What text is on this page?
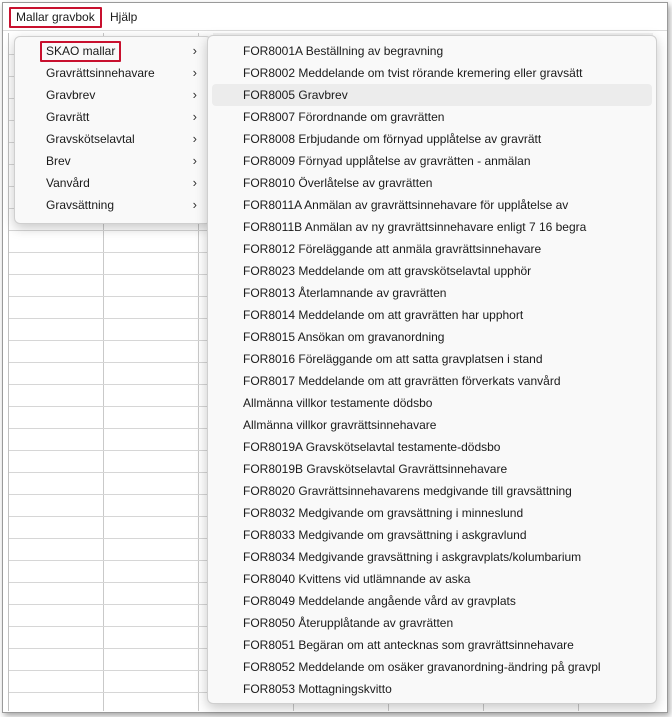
Mallar gravbok	Hjälp
SKAO mallar	›
Gravrättsinnehavare	›
Gravbrev	›
Gravrätt	›
Gravskötselavtal	›
Brev	›
Vanvård	›
Gravsättning	›
FOR8001A Beställning av begravning
FOR8002 Meddelande om tvist rörande kremering eller gravsätt
FOR8005 Gravbrev
FOR8007 Förordnande om gravrätten
FOR8008 Erbjudande om förnyad upplåtelse av gravrätt
FOR8009 Förnyad upplåtelse av gravrätten - anmälan
FOR8010 Överlåtelse av gravrätten
FOR8011A Anmälan av gravrättsinnehavare för upplåtelse av
FOR8011B Anmälan av ny gravrättsinnehavare enligt 7 16 begra
FOR8012 Föreläggande att anmäla gravrättsinnehavare
FOR8023 Meddelande om att gravskötselavtal upphör
FOR8013 Återlamnande av gravrätten
FOR8014 Meddelande om att gravrätten har upphort
FOR8015 Ansökan om gravanordning
FOR8016 Föreläggande om att satta gravplatsen i stand
FOR8017 Meddelande om att gravrätten förverkats vanvård
Allmänna villkor testamente dödsbo
Allmänna villkor gravrättsinnehavare
FOR8019A Gravskötselavtal testamente-dödsbo
FOR8019B Gravskötselavtal Gravrättsinnehavare
FOR8020 Gravrättsinnehavarens medgivande till gravsättning
FOR8032 Medgivande om gravsättning i minneslund
FOR8033 Medgivande om gravsättning i askgravlund
FOR8034 Medgivande gravsättning i askgravplats/kolumbarium
FOR8040 Kvittens vid utlämnande av aska
FOR8049 Meddelande angående vård av gravplats
FOR8050 Återupplåtande av gravrätten
FOR8051 Begäran om att antecknas som gravrättsinnehavare
FOR8052 Meddelande om osäker gravanordning-ändring på gravpl
FOR8053 Mottagningskvitto
